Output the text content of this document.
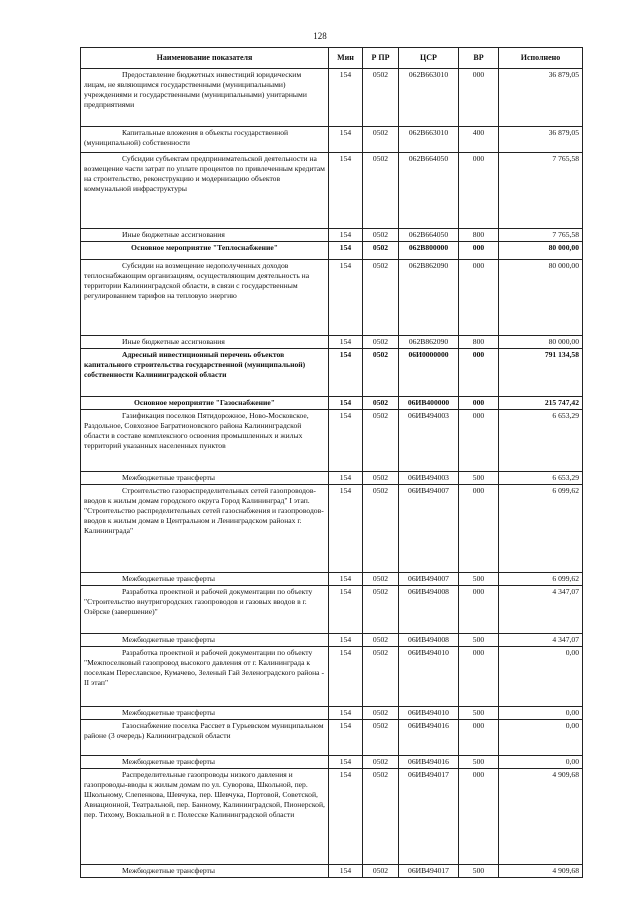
128
Наименование показателя	Мин	Р ПР	ЦСР	ВР	Исполнено
Предоставление бюджетных инвестиций юридическим лицам, не являющимся государственными (муниципальными) учреждениями и государственными (муниципальными) унитарными предприятиями	154	0502	062В663010	000	36 879,05
Капитальные вложения в объекты государственной (муниципальной) собственности	154	0502	062В663010	400	36 879,05
Субсидии субъектам предпринимательской деятельности на возмещение части затрат по уплате процентов по привлеченным кредитам на строительство, реконструкцию и модернизацию объектов коммунальной инфраструктуры	154	0502	062В664050	000	7 765,58
Иные бюджетные ассигнования	154	0502	062В664050	800	7 765,58
Основное мероприятие "Теплоснабжение"	154	0502	062В800000	000	80 000,00
Субсидии на возмещение недополученных доходов теплоснабжающим организациям, осуществляющим деятельность на территории Калининградской области, в связи с государственным регулированием тарифов на тепловую энергию	154	0502	062В862090	000	80 000,00
Иные бюджетные ассигнования	154	0502	062В862090	800	80 000,00
Адресный инвестиционный перечень объектов капитального строительства государственной (муниципальной) собственности Калининградской области	154	0502	06И0000000	000	791 134,58
Основное мероприятие "Газоснабжение"	154	0502	06ИВ400000	000	215 747,42
Газификация поселков Пятидорожное, Ново-Московское, Раздольное, Совхозное Багратионовского района Калининградской области в составе комплексного освоения промышленных и жилых территорий указанных населенных пунктов	154	0502	06ИВ494003	000	6 653,29
Межбюджетные трансферты	154	0502	06ИВ494003	500	6 653,29
Строительство газораспределительных сетей газопроводов-вводов к жилым домам городского округа Город Калининград" I этап. "Строительство распределительных сетей газоснабжения и газопроводов-вводов к жилым домам в Центральном и Ленинградском районах г. Калининграда"	154	0502	06ИВ494007	000	6 099,62
Межбюджетные трансферты	154	0502	06ИВ494007	500	6 099,62
Разработка проектной и рабочей документации по объекту "Строительство внутригородских газопроводов и газовых вводов в г. Озёрске (завершение)"	154	0502	06ИВ494008	000	4 347,07
Межбюджетные трансферты	154	0502	06ИВ494008	500	4 347,07
Разработка проектной и рабочей документации по объекту "Межпоселковый газопровод высокого давления от г. Калининграда к поселкам Переславское, Кумачево, Зеленый Гай Зеленоградского района - II этап"	154	0502	06ИВ494010	000	0,00
Межбюджетные трансферты	154	0502	06ИВ494010	500	0,00
Газоснабжение поселка Рассвет в Гурьевском муниципальном районе (3 очередь) Калининградской области	154	0502	06ИВ494016	000	0,00
Межбюджетные трансферты	154	0502	06ИВ494016	500	0,00
Распределительные газопроводы низкого давления и газопроводы-вводы к жилым домам по ул. Суворова, Школьной, пер. Школьному, Слепенкова, Шевчука, пер. Шевчука, Портовой, Советской, Авиационной, Театральной, пер. Банному, Калининградской, Пионерской, пер. Тихому, Вокзальной в г. Полесске Калининградской области	154	0502	06ИВ494017	000	4 909,68
Межбюджетные трансферты	154	0502	06ИВ494017	500	4 909,68
